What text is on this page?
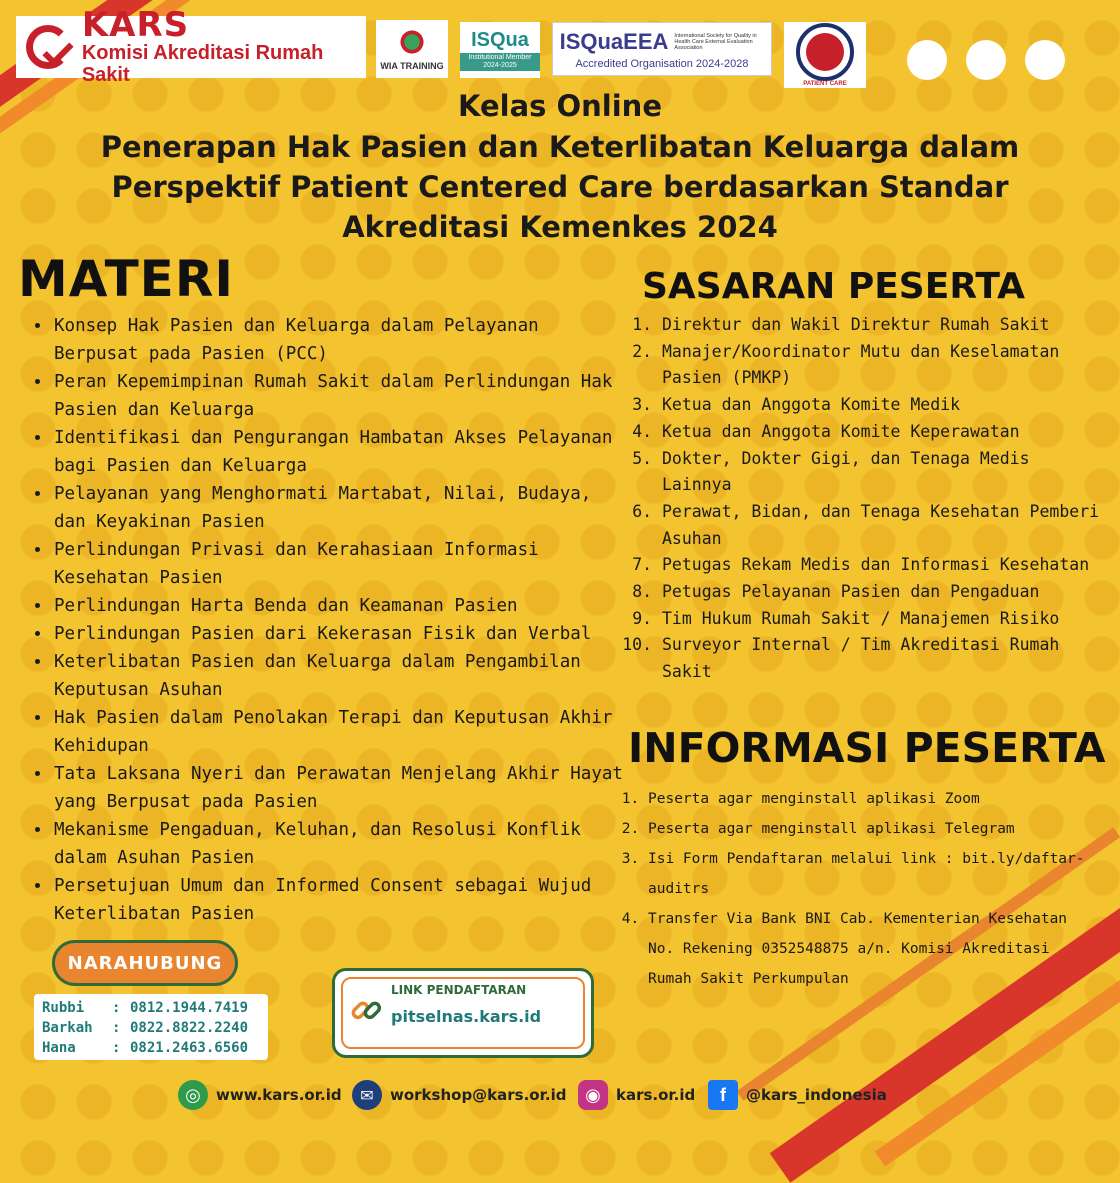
KARS
Komisi Akreditasi Rumah Sakit	WIA TRAINING
ISQua
Institutional Member 2024-2025
ISQuaEEA International Society for Quality in Health Care External Evaluation Association
Accredited Organisation 2024-2028
PATIENT CARE
Kelas Online
Penerapan Hak Pasien dan Keterlibatan Keluarga dalam
Perspektif Patient Centered Care berdasarkan Standar
Akreditasi Kemenkes 2024
MATERI
• Konsep Hak Pasien dan Keluarga dalam Pelayanan Berpusat pada Pasien (PCC)
• Peran Kepemimpinan Rumah Sakit dalam Perlindungan Hak Pasien dan Keluarga
• Identifikasi dan Pengurangan Hambatan Akses Pelayanan bagi Pasien dan Keluarga
• Pelayanan yang Menghormati Martabat, Nilai, Budaya, dan Keyakinan Pasien
• Perlindungan Privasi dan Kerahasiaan Informasi Kesehatan Pasien
• Perlindungan Harta Benda dan Keamanan Pasien
• Perlindungan Pasien dari Kekerasan Fisik dan Verbal
• Keterlibatan Pasien dan Keluarga dalam Pengambilan Keputusan Asuhan
• Hak Pasien dalam Penolakan Terapi dan Keputusan Akhir Kehidupan
• Tata Laksana Nyeri dan Perawatan Menjelang Akhir Hayat yang Berpusat pada Pasien
• Mekanisme Pengaduan, Keluhan, dan Resolusi Konflik dalam Asuhan Pasien
• Persetujuan Umum dan Informed Consent sebagai Wujud Keterlibatan Pasien
SASARAN PESERTA
1. Direktur dan Wakil Direktur Rumah Sakit
2. Manajer/Koordinator Mutu dan Keselamatan Pasien (PMKP)
3. Ketua dan Anggota Komite Medik
4. Ketua dan Anggota Komite Keperawatan
5. Dokter, Dokter Gigi, dan Tenaga Medis Lainnya
6. Perawat, Bidan, dan Tenaga Kesehatan Pemberi Asuhan
7. Petugas Rekam Medis dan Informasi Kesehatan
8. Petugas Pelayanan Pasien dan Pengaduan
9. Tim Hukum Rumah Sakit / Manajemen Risiko
10. Surveyor Internal / Tim Akreditasi Rumah Sakit
INFORMASI PESERTA
1. Peserta agar menginstall aplikasi Zoom
2. Peserta agar menginstall aplikasi Telegram
3. Isi Form Pendaftaran melalui link : bit.ly/daftar-auditrs
4. Transfer Via Bank BNI Cab. Kementerian Kesehatan No. Rekening 0352548875 a/n. Komisi Akreditasi Rumah Sakit Perkumpulan
NARAHUBUNG
Rubbi	: 0812.1944.7419
Barkah	: 0822.8822.2240
Hana	: 0821.2463.6560
LINK PENDAFTARAN
pitselnas.kars.id
◎	www.kars.or.id	✉	workshop@kars.or.id	◉	kars.or.id	f	@kars_indonesia
